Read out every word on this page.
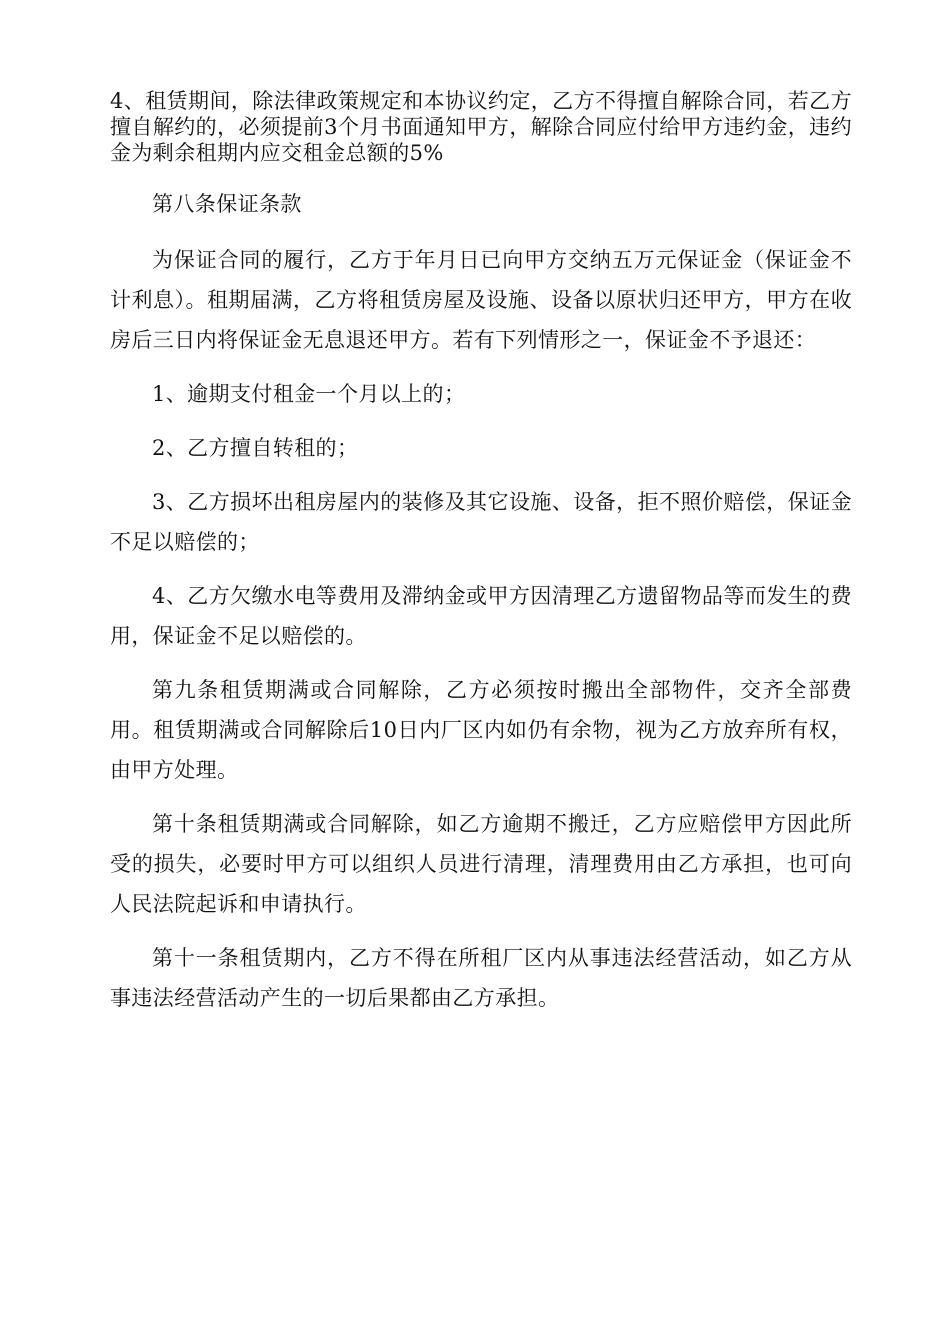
4、租赁期间，除法律政策规定和本协议约定，乙方不得擅自解除合同，若乙方擅自解约的，必须提前3个月书面通知甲方，解除合同应付给甲方违约金，违约金为剩余租期内应交租金总额的5%

第八条保证条款

为保证合同的履行，乙方于年月日已向甲方交纳五万元保证金（保证金不计利息）。租期届满，乙方将租赁房屋及设施、设备以原状归还甲方，甲方在收房后三日内将保证金无息退还甲方。若有下列情形之一，保证金不予退还：

1、逾期支付租金一个月以上的；

2、乙方擅自转租的；

3、乙方损坏出租房屋内的装修及其它设施、设备，拒不照价赔偿，保证金不足以赔偿的；

4、乙方欠缴水电等费用及滞纳金或甲方因清理乙方遗留物品等而发生的费用，保证金不足以赔偿的。

第九条租赁期满或合同解除，乙方必须按时搬出全部物件，交齐全部费用。租赁期满或合同解除后10日内厂区内如仍有余物，视为乙方放弃所有权，由甲方处理。

第十条租赁期满或合同解除，如乙方逾期不搬迁，乙方应赔偿甲方因此所受的损失，必要时甲方可以组织人员进行清理，清理费用由乙方承担，也可向人民法院起诉和申请执行。

第十一条租赁期内，乙方不得在所租厂区内从事违法经营活动，如乙方从事违法经营活动产生的一切后果都由乙方承担。
